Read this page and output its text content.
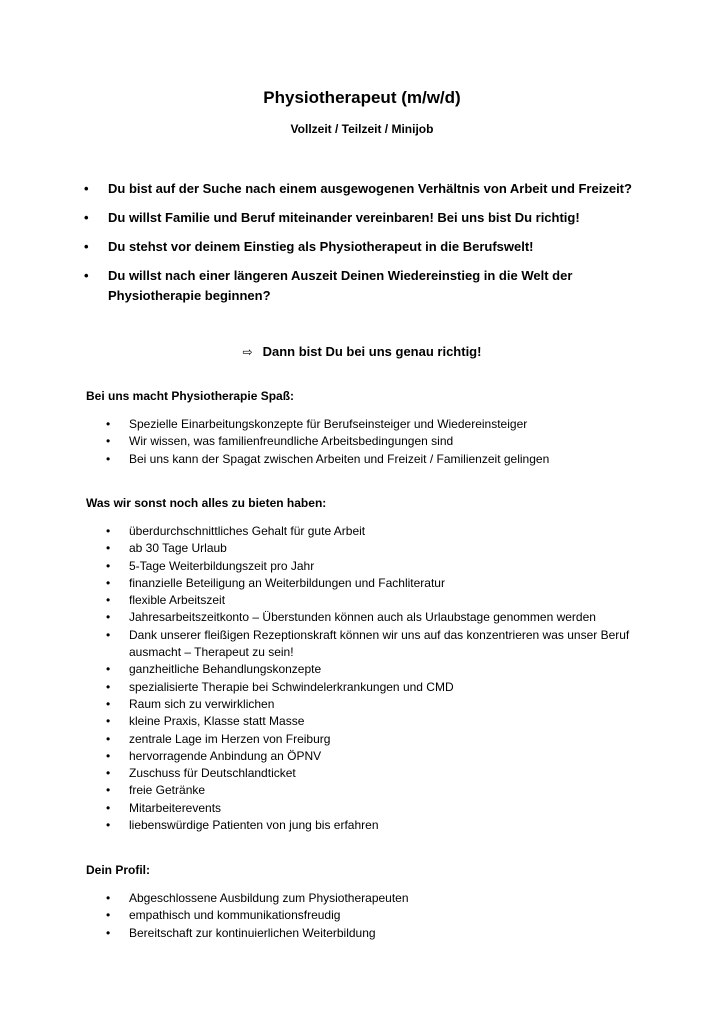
Physiotherapeut (m/w/d)
Vollzeit / Teilzeit / Minijob
•	Du bist auf der Suche nach einem ausgewogenen Verhältnis von Arbeit und Freizeit?
•	Du willst Familie und Beruf miteinander vereinbaren! Bei uns bist Du richtig!
•	Du stehst vor deinem Einstieg als Physiotherapeut in die Berufswelt!
•	Du willst nach einer längeren Auszeit Deinen Wiedereinstieg in die Welt der Physiotherapie beginnen?
⇨ Dann bist Du bei uns genau richtig!
Bei uns macht Physiotherapie Spaß:
• Spezielle Einarbeitungskonzepte für Berufseinsteiger und Wiedereinsteiger
• Wir wissen, was familienfreundliche Arbeitsbedingungen sind
• Bei uns kann der Spagat zwischen Arbeiten und Freizeit / Familienzeit gelingen
Was wir sonst noch alles zu bieten haben:
• überdurchschnittliches Gehalt für gute Arbeit
• ab 30 Tage Urlaub
• 5-Tage Weiterbildungszeit pro Jahr
• finanzielle Beteiligung an Weiterbildungen und Fachliteratur
• flexible Arbeitszeit
• Jahresarbeitszeitkonto – Überstunden können auch als Urlaubstage genommen werden
• Dank unserer fleißigen Rezeptionskraft können wir uns auf das konzentrieren was unser Beruf ausmacht – Therapeut zu sein!
• ganzheitliche Behandlungskonzepte
• spezialisierte Therapie bei Schwindelerkrankungen und CMD
• Raum sich zu verwirklichen
• kleine Praxis, Klasse statt Masse
• zentrale Lage im Herzen von Freiburg
• hervorragende Anbindung an ÖPNV
• Zuschuss für Deutschlandticket
• freie Getränke
• Mitarbeiterevents
• liebenswürdige Patienten von jung bis erfahren
Dein Profil:
• Abgeschlossene Ausbildung zum Physiotherapeuten
• empathisch und kommunikationsfreudig
• Bereitschaft zur kontinuierlichen Weiterbildung
